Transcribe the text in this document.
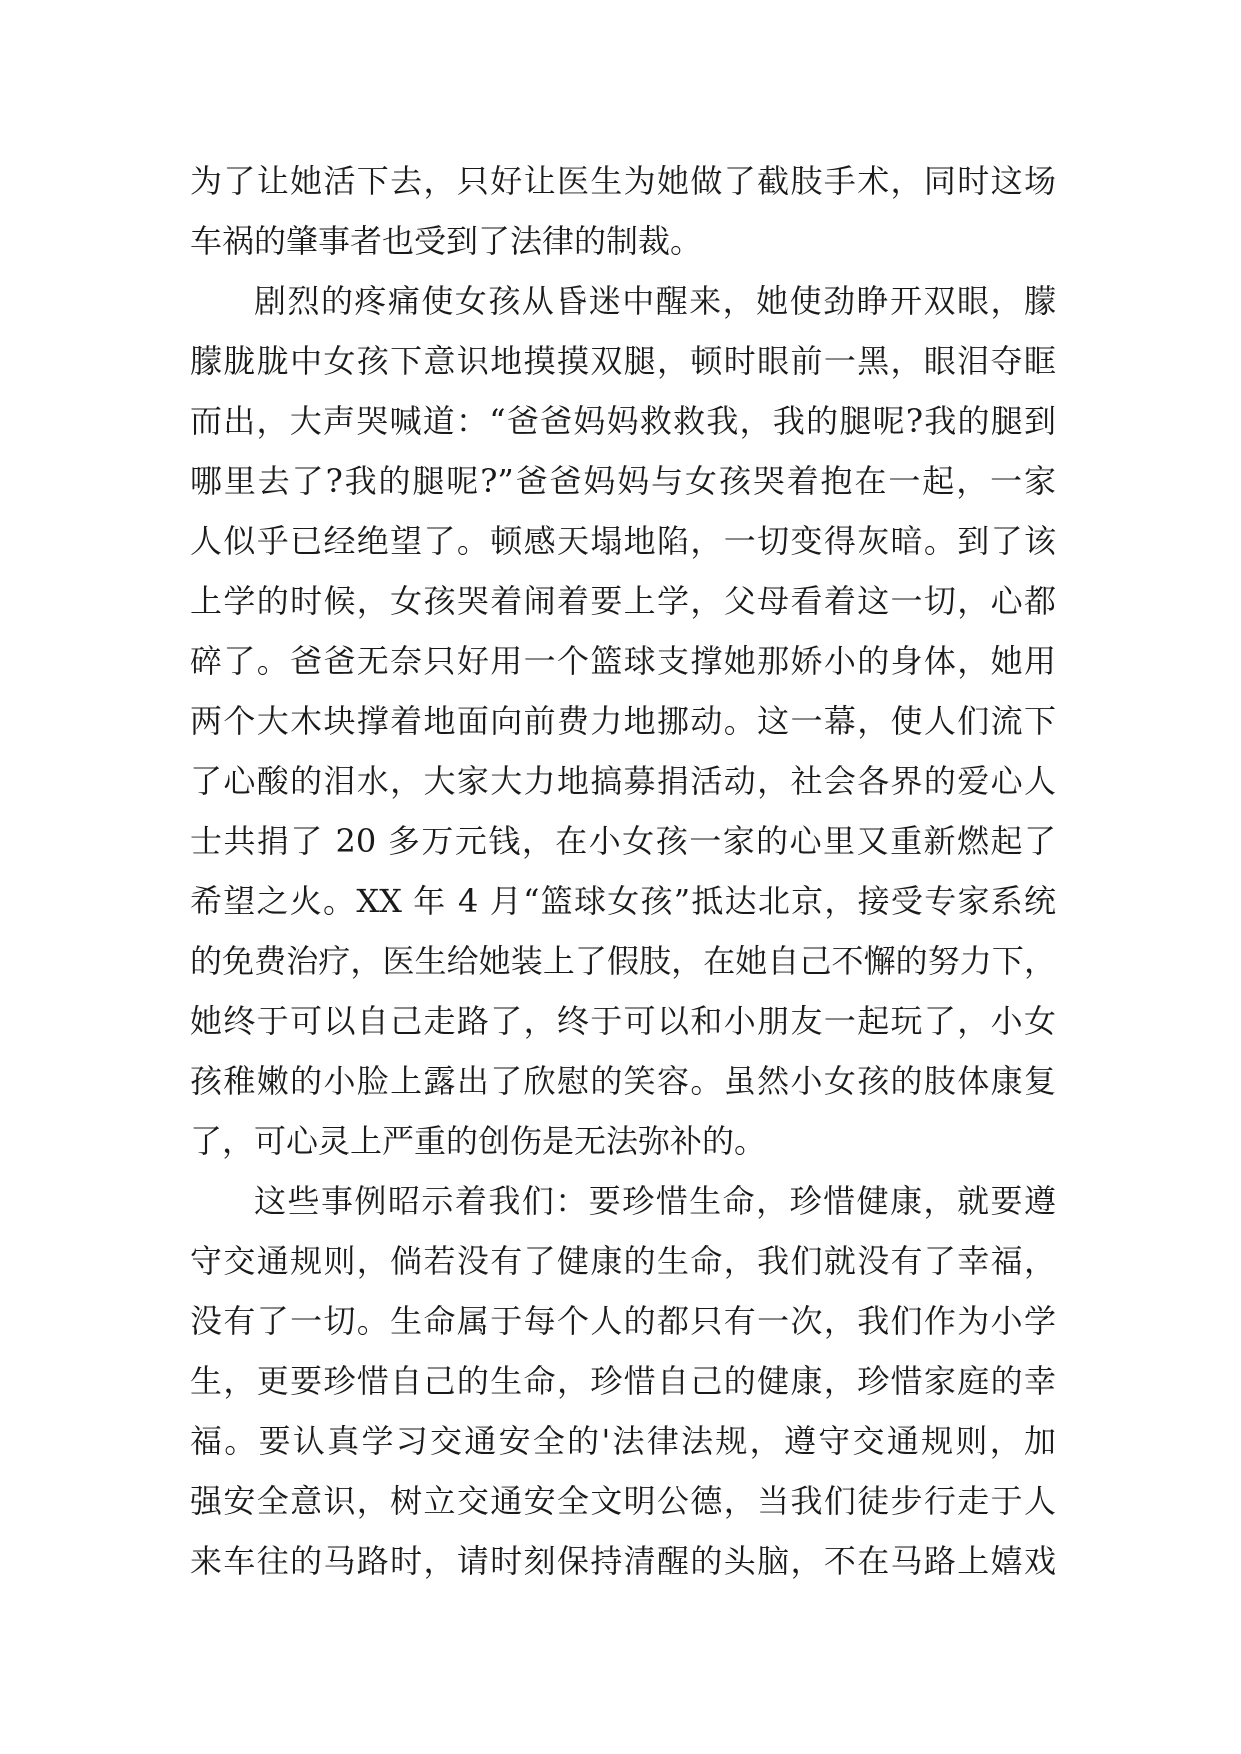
为了让她活下去，只好让医生为她做了截肢手术，同时这场
车祸的肇事者也受到了法律的制裁。
剧烈的疼痛使女孩从昏迷中醒来，她使劲睁开双眼，朦
朦胧胧中女孩下意识地摸摸双腿，顿时眼前一黑，眼泪夺眶
而出，大声哭喊道：“爸爸妈妈救救我，我的腿呢?我的腿到
哪里去了?我的腿呢?”爸爸妈妈与女孩哭着抱在一起，一家
人似乎已经绝望了。顿感天塌地陷，一切变得灰暗。到了该
上学的时候，女孩哭着闹着要上学，父母看着这一切，心都
碎了。爸爸无奈只好用一个篮球支撑她那娇小的身体，她用
两个大木块撑着地面向前费力地挪动。这一幕，使人们流下
了心酸的泪水，大家大力地搞募捐活动，社会各界的爱心人
士共捐了 20 多万元钱，在小女孩一家的心里又重新燃起了
希望之火。XX 年 4 月“篮球女孩”抵达北京，接受专家系统
的免费治疗，医生给她装上了假肢，在她自己不懈的努力下，
她终于可以自己走路了，终于可以和小朋友一起玩了，小女
孩稚嫩的小脸上露出了欣慰的笑容。虽然小女孩的肢体康复
了，可心灵上严重的创伤是无法弥补的。
这些事例昭示着我们：要珍惜生命，珍惜健康，就要遵
守交通规则，倘若没有了健康的生命，我们就没有了幸福，
没有了一切。生命属于每个人的都只有一次，我们作为小学
生，更要珍惜自己的生命，珍惜自己的健康，珍惜家庭的幸
福。要认真学习交通安全的'法律法规，遵守交通规则，加
强安全意识，树立交通安全文明公德，当我们徒步行走于人
来车往的马路时，请时刻保持清醒的头脑，不在马路上嬉戏
